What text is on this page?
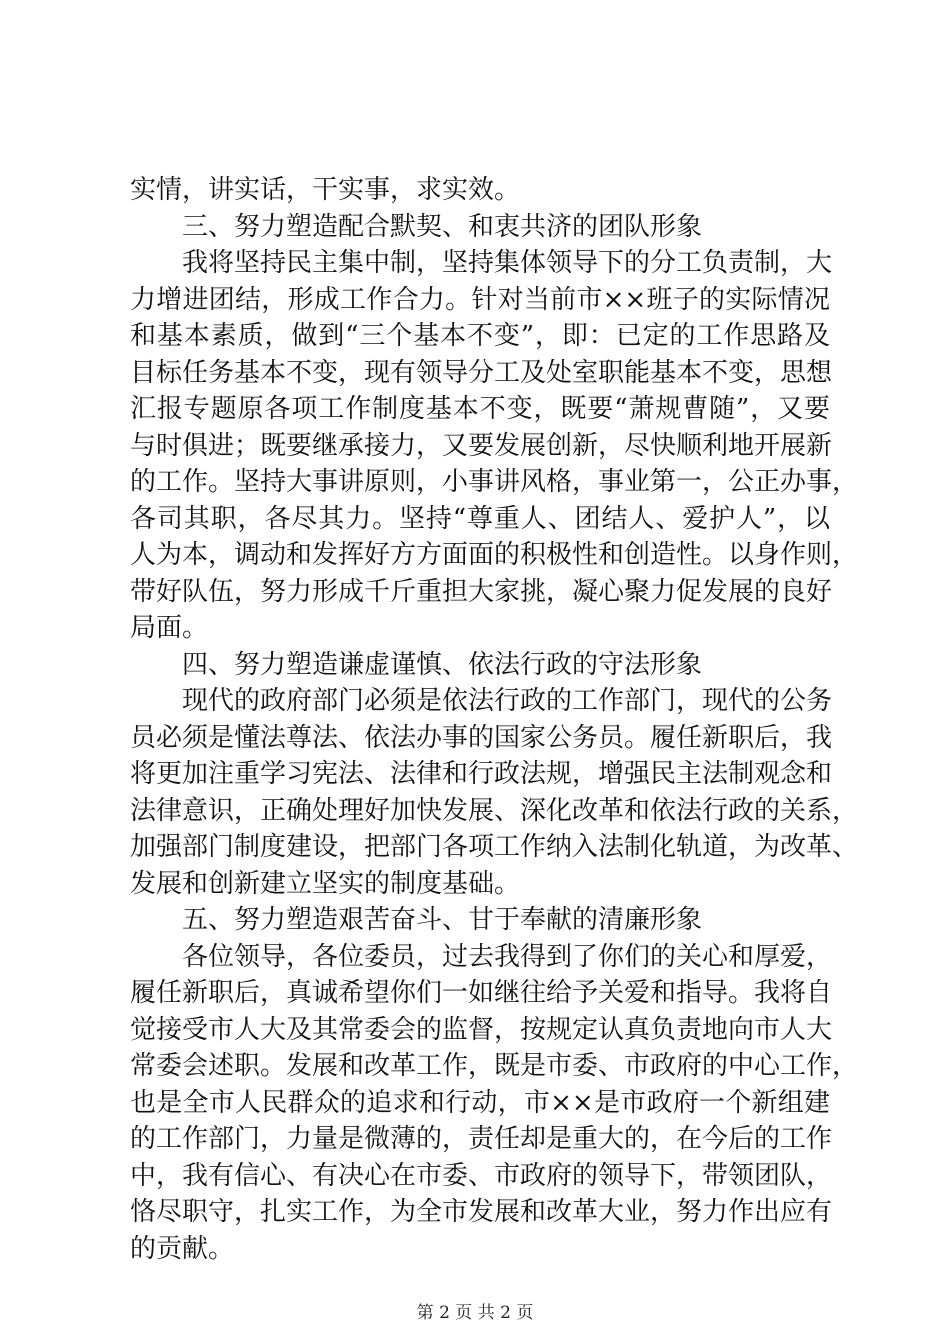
实情，讲实话，干实事，求实效。
三、努力塑造配合默契、和衷共济的团队形象
我将坚持民主集中制，坚持集体领导下的分工负责制，大
力增进团结，形成工作合力。针对当前市××班子的实际情况
和基本素质，做到“三个基本不变”，即：已定的工作思路及
目标任务基本不变，现有领导分工及处室职能基本不变，思想
汇报专题原各项工作制度基本不变，既要“萧规曹随”，又要
与时俱进；既要继承接力，又要发展创新，尽快顺利地开展新
的工作。坚持大事讲原则，小事讲风格，事业第一，公正办事，
各司其职，各尽其力。坚持“尊重人、团结人、爱护人”，以
人为本，调动和发挥好方方面面的积极性和创造性。以身作则，
带好队伍，努力形成千斤重担大家挑，凝心聚力促发展的良好
局面。
四、努力塑造谦虚谨慎、依法行政的守法形象
现代的政府部门必须是依法行政的工作部门，现代的公务
员必须是懂法尊法、依法办事的国家公务员。履任新职后，我
将更加注重学习宪法、法律和行政法规，增强民主法制观念和
法律意识，正确处理好加快发展、深化改革和依法行政的关系，
加强部门制度建设，把部门各项工作纳入法制化轨道，为改革、
发展和创新建立坚实的制度基础。
五、努力塑造艰苦奋斗、甘于奉献的清廉形象
各位领导，各位委员，过去我得到了你们的关心和厚爱，
履任新职后，真诚希望你们一如继往给予关爱和指导。我将自
觉接受市人大及其常委会的监督，按规定认真负责地向市人大
常委会述职。发展和改革工作，既是市委、市政府的中心工作，
也是全市人民群众的追求和行动，市××是市政府一个新组建
的工作部门，力量是微薄的，责任却是重大的，在今后的工作
中，我有信心、有决心在市委、市政府的领导下，带领团队，
恪尽职守，扎实工作，为全市发展和改革大业，努力作出应有
的贡献。
第 2 页 共 2 页
